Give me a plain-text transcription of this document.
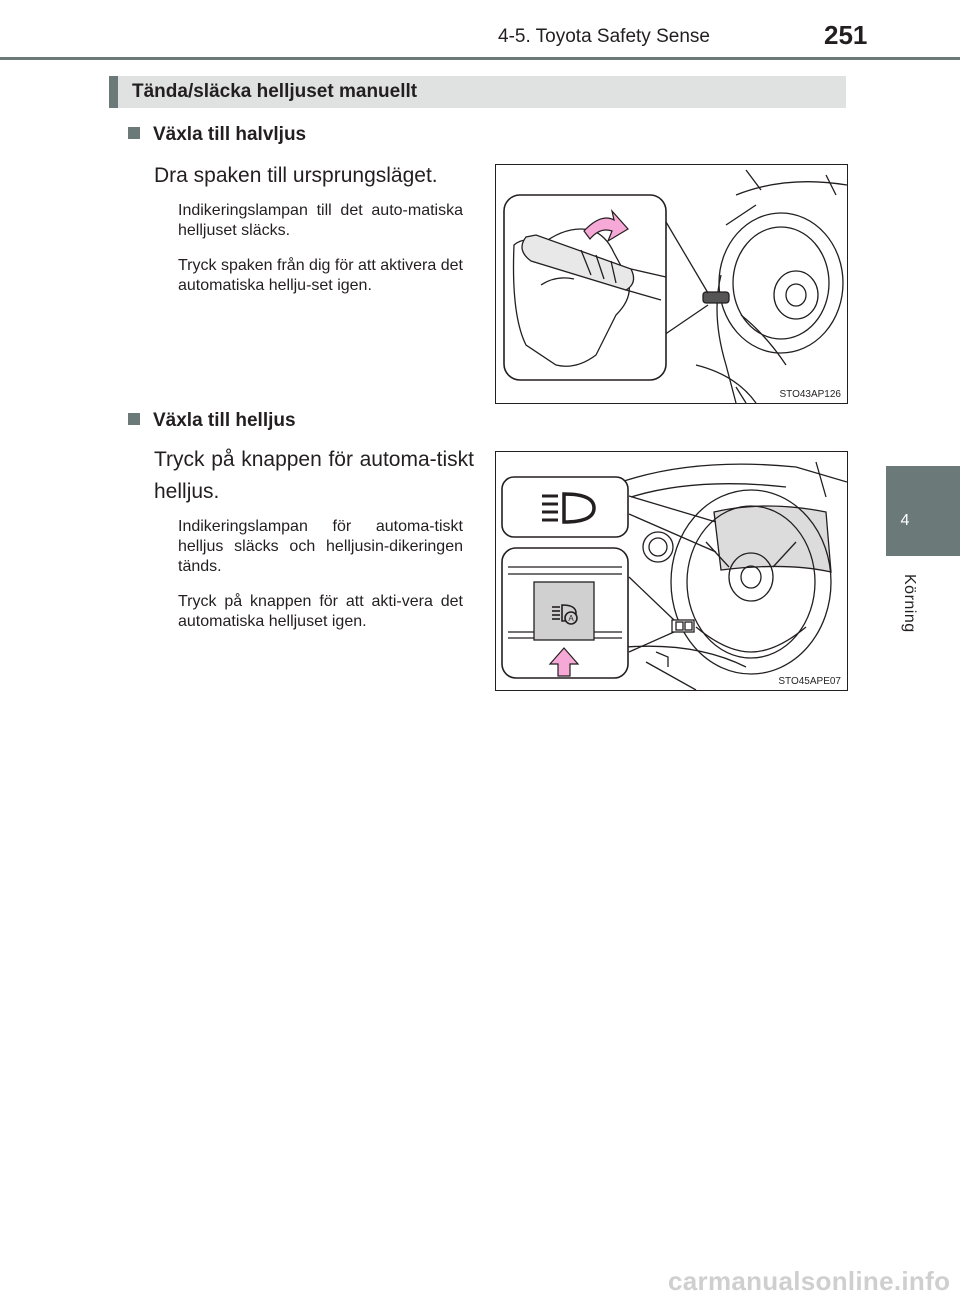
4-5. Toyota Safety Sense	251
4
Körning
Tända/släcka helljuset manuellt
Växla till halvljus
Dra spaken till ursprungsläget.
Indikeringslampan till det auto-matiska helljuset släcks.
Tryck spaken från dig för att aktivera det automatiska hellju-set igen.
STO43AP126
Växla till helljus
Tryck på knappen för automa-tiskt helljus.
Indikeringslampan för automa-tiskt helljus släcks och helljusin-dikeringen tänds.
Tryck på knappen för att akti-vera det automatiska helljuset igen.	A
STO45APE07
carmanualsonline.info
